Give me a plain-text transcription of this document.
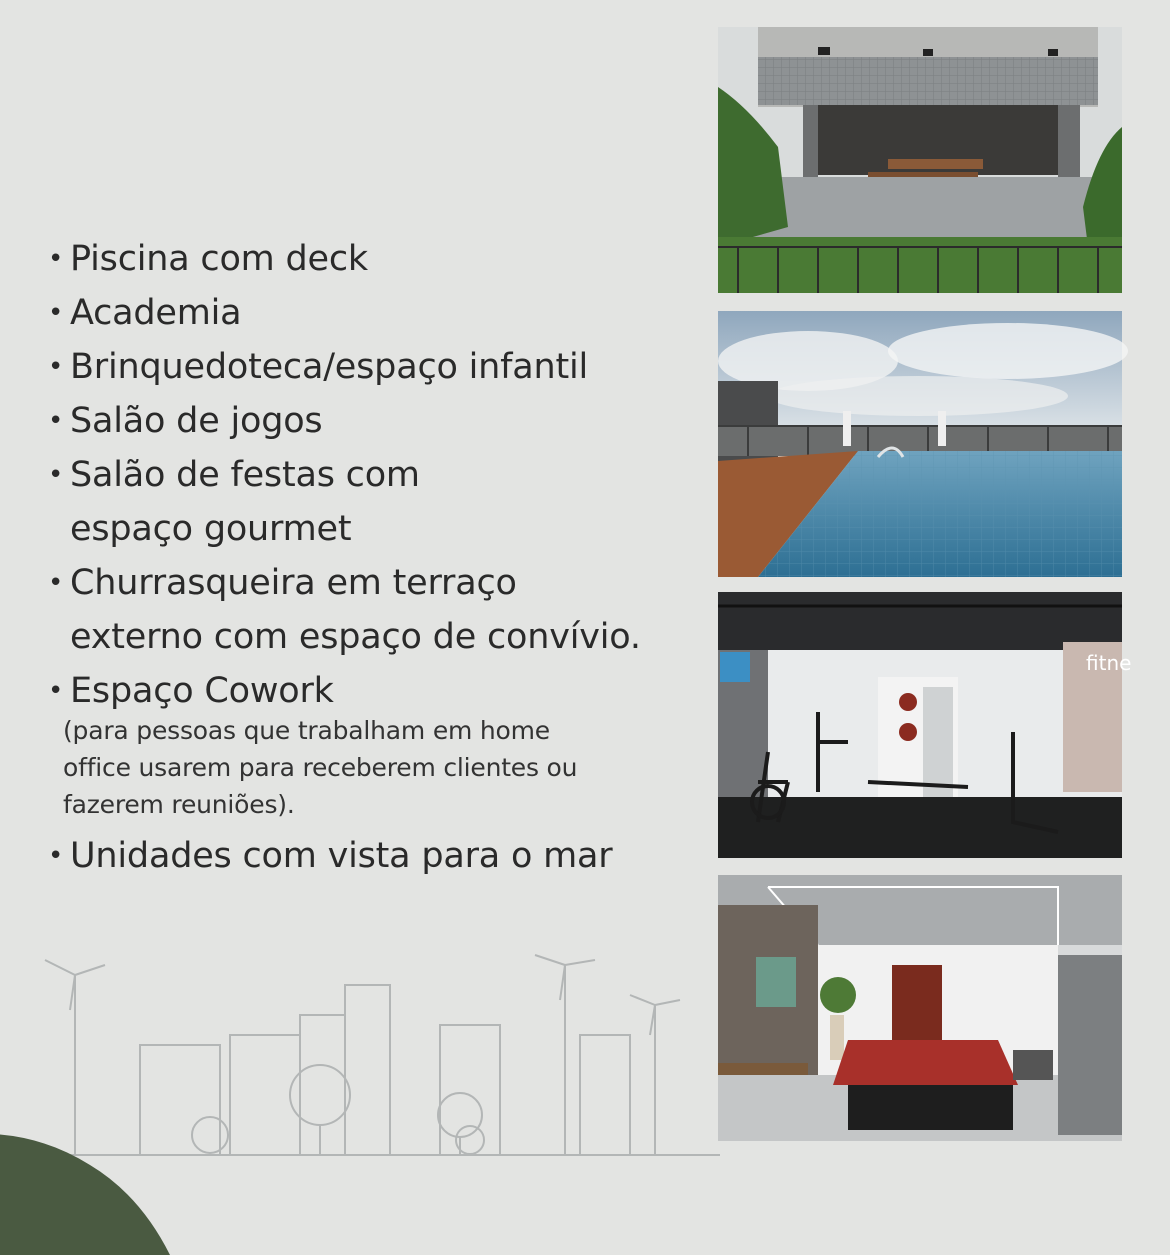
• Piscina com deck
• Academia
• Brinquedoteca/espaço infantil
• Salão de jogos
• Salão de festas com
espaço gourmet
• Churrasqueira em terraço
externo com espaço de convívio.
• Espaço Cowork
(para pessoas que trabalham em home
office usarem para receberem clientes ou
fazerem reuniões).
• Unidades com vista para o mar
fitne
